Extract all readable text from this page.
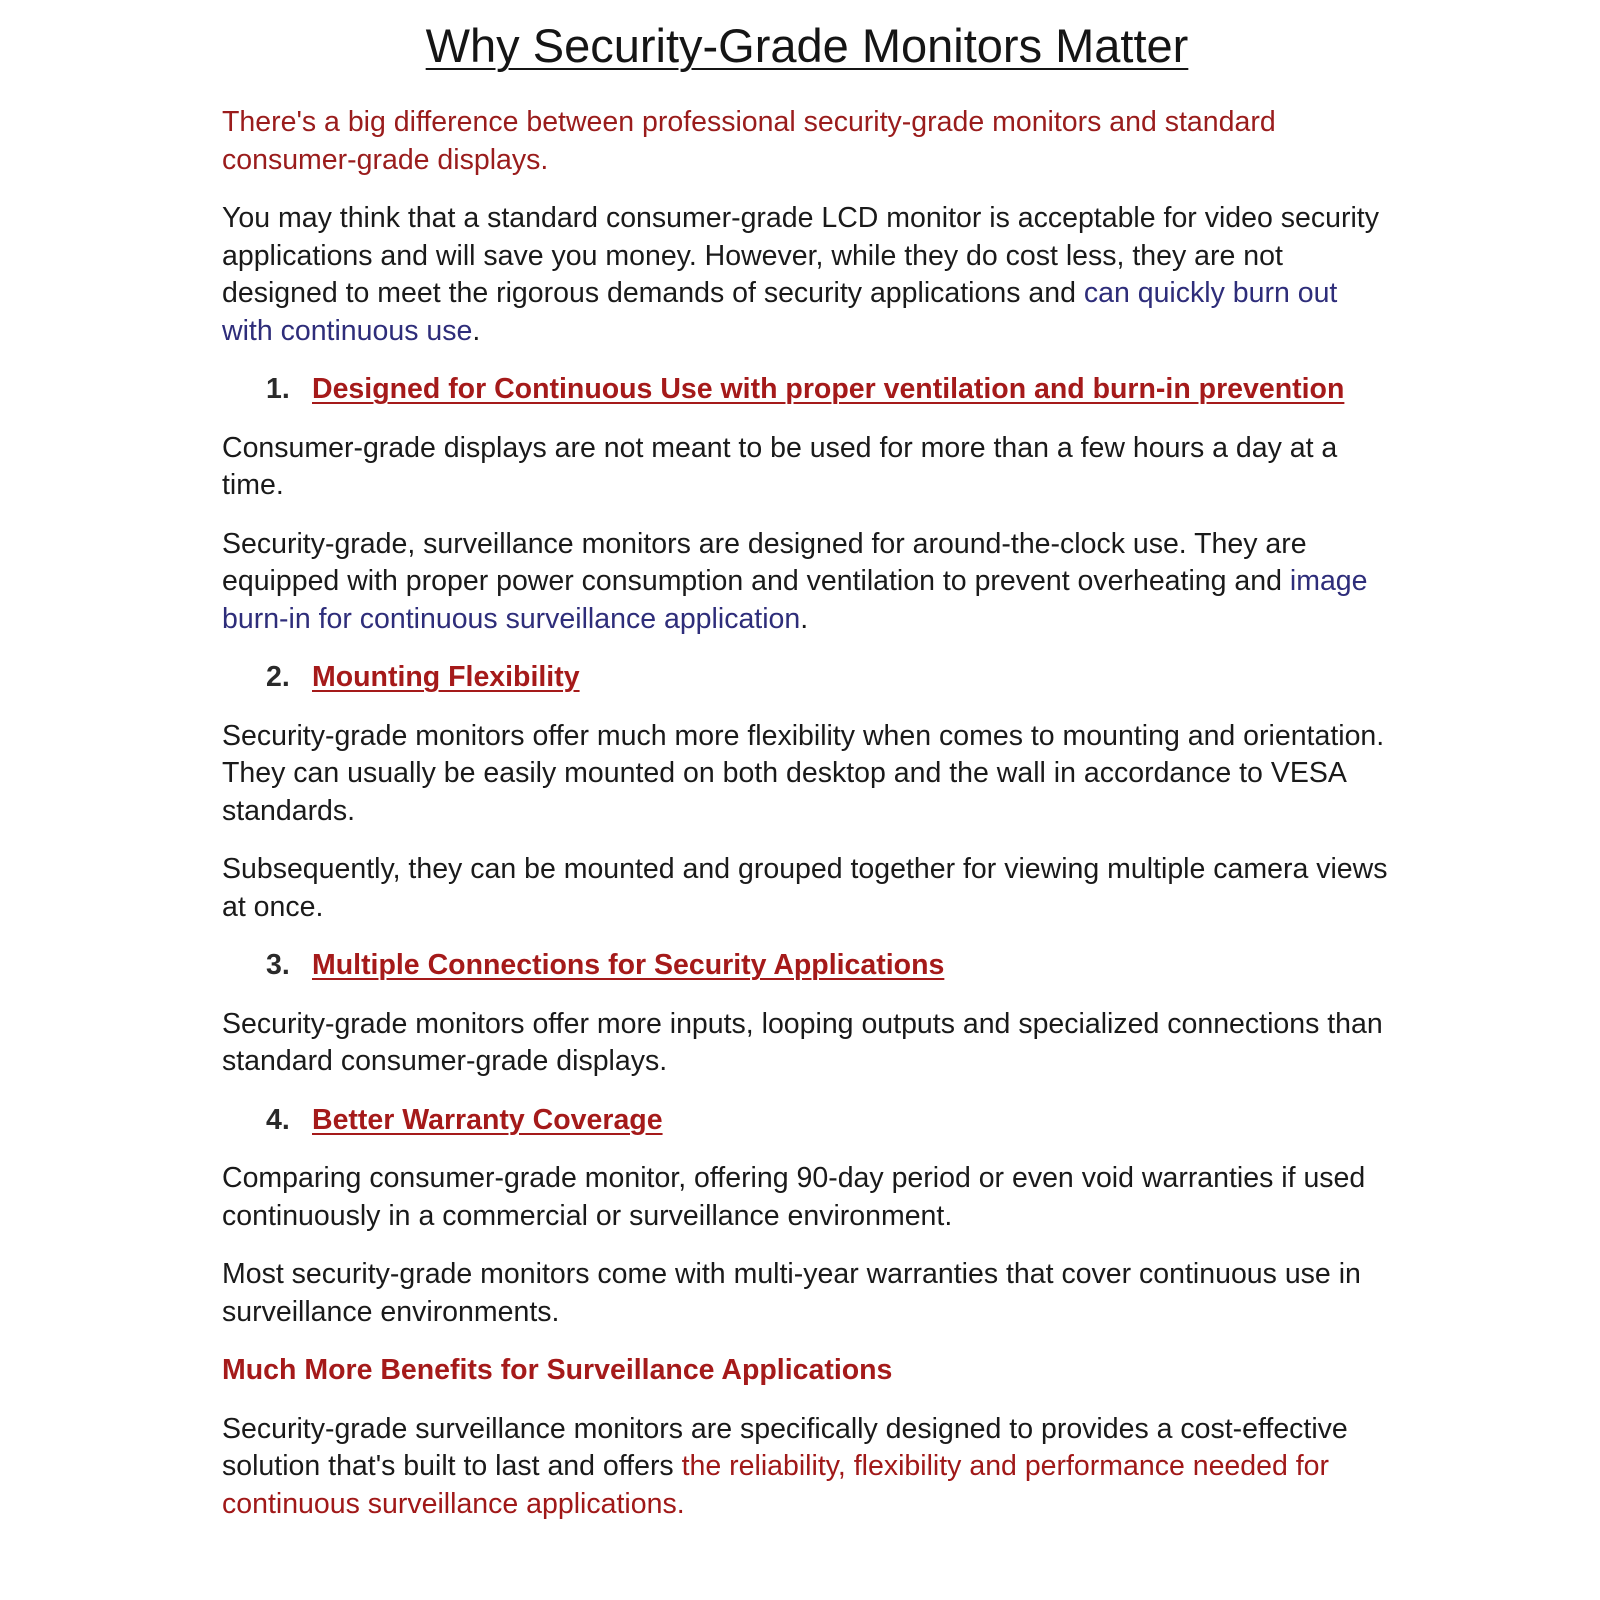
Why Security-Grade Monitors Matter

There's a big difference between professional security-grade monitors and standard consumer-grade displays.

You may think that a standard consumer-grade LCD monitor is acceptable for video security applications and will save you money. However, while they do cost less, they are not designed to meet the rigorous demands of security applications and can quickly burn out with continuous use.

1. Designed for Continuous Use with proper ventilation and burn-in prevention

Consumer-grade displays are not meant to be used for more than a few hours a day at a time.

Security-grade, surveillance monitors are designed for around-the-clock use. They are equipped with proper power consumption and ventilation to prevent overheating and image burn-in for continuous surveillance application.

2. Mounting Flexibility

Security-grade monitors offer much more flexibility when comes to mounting and orientation. They can usually be easily mounted on both desktop and the wall in accordance to VESA standards.

Subsequently, they can be mounted and grouped together for viewing multiple camera views at once.

3. Multiple Connections for Security Applications

Security-grade monitors offer more inputs, looping outputs and specialized connections than standard consumer-grade displays.

4. Better Warranty Coverage

Comparing consumer-grade monitor, offering 90-day period or even void warranties if used continuously in a commercial or surveillance environment.

Most security-grade monitors come with multi-year warranties that cover continuous use in surveillance environments.

Much More Benefits for Surveillance Applications

Security-grade surveillance monitors are specifically designed to provides a cost-effective solution that's built to last and offers the reliability, flexibility and performance needed for continuous surveillance applications.
